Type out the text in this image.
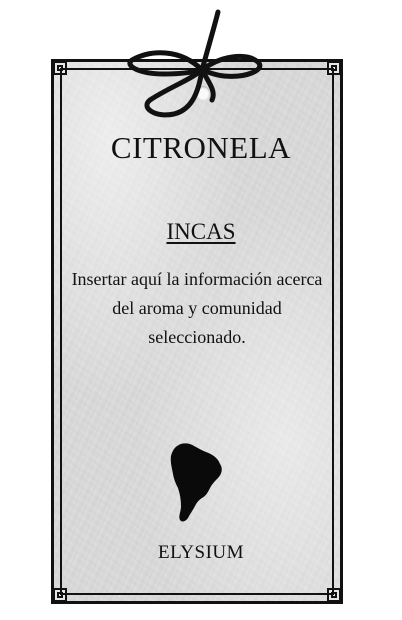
CITRONELA
INCAS
Insertar aquí la información acerca del aroma y comunidad seleccionado.
ELYSIUM
